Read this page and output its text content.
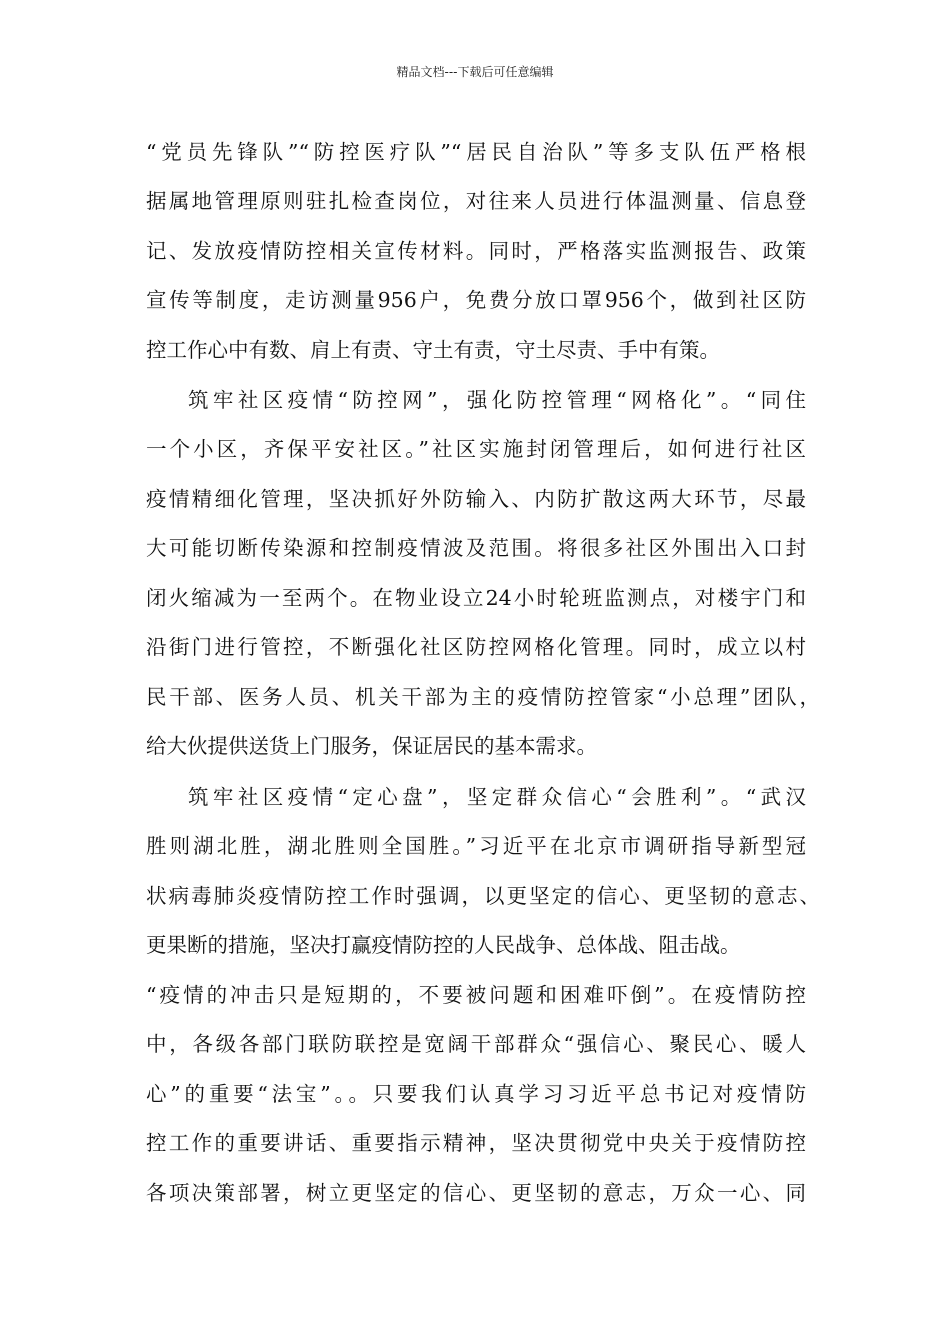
精品文档---下载后可任意编辑
“党员先锋队”“防控医疗队”“居民自治队”等多支队伍严格根
据属地管理原则驻扎检查岗位，对往来人员进行体温测量、信息登
记、发放疫情防控相关宣传材料。同时，严格落实监测报告、政策
宣传等制度，走访测量956户，免费分放口罩956个，做到社区防
控工作心中有数、肩上有责、守土有责，守土尽责、手中有策。
筑牢社区疫情“防控网”，强化防控管理“网格化”。“同住
一个小区，齐保平安社区。”社区实施封闭管理后，如何进行社区
疫情精细化管理，坚决抓好外防输入、内防扩散这两大环节，尽最
大可能切断传染源和控制疫情波及范围。将很多社区外围出入口封
闭火缩减为一至两个。在物业设立24小时轮班监测点，对楼宇门和
沿街门进行管控，不断强化社区防控网格化管理。同时，成立以村
民干部、医务人员、机关干部为主的疫情防控管家“小总理”团队，
给大伙提供送货上门服务，保证居民的基本需求。
筑牢社区疫情“定心盘”，坚定群众信心“会胜利”。“武汉
胜则湖北胜，湖北胜则全国胜。”习近平在北京市调研指导新型冠
状病毒肺炎疫情防控工作时强调，以更坚定的信心、更坚韧的意志、
更果断的措施，坚决打赢疫情防控的人民战争、总体战、阻击战。
“疫情的冲击只是短期的，不要被问题和困难吓倒”。在疫情防控
中，各级各部门联防联控是宽阔干部群众“强信心、聚民心、暖人
心”的重要“法宝”。。只要我们认真学习习近平总书记对疫情防
控工作的重要讲话、重要指示精神，坚决贯彻党中央关于疫情防控
各项决策部署，树立更坚定的信心、更坚韧的意志，万众一心、同
